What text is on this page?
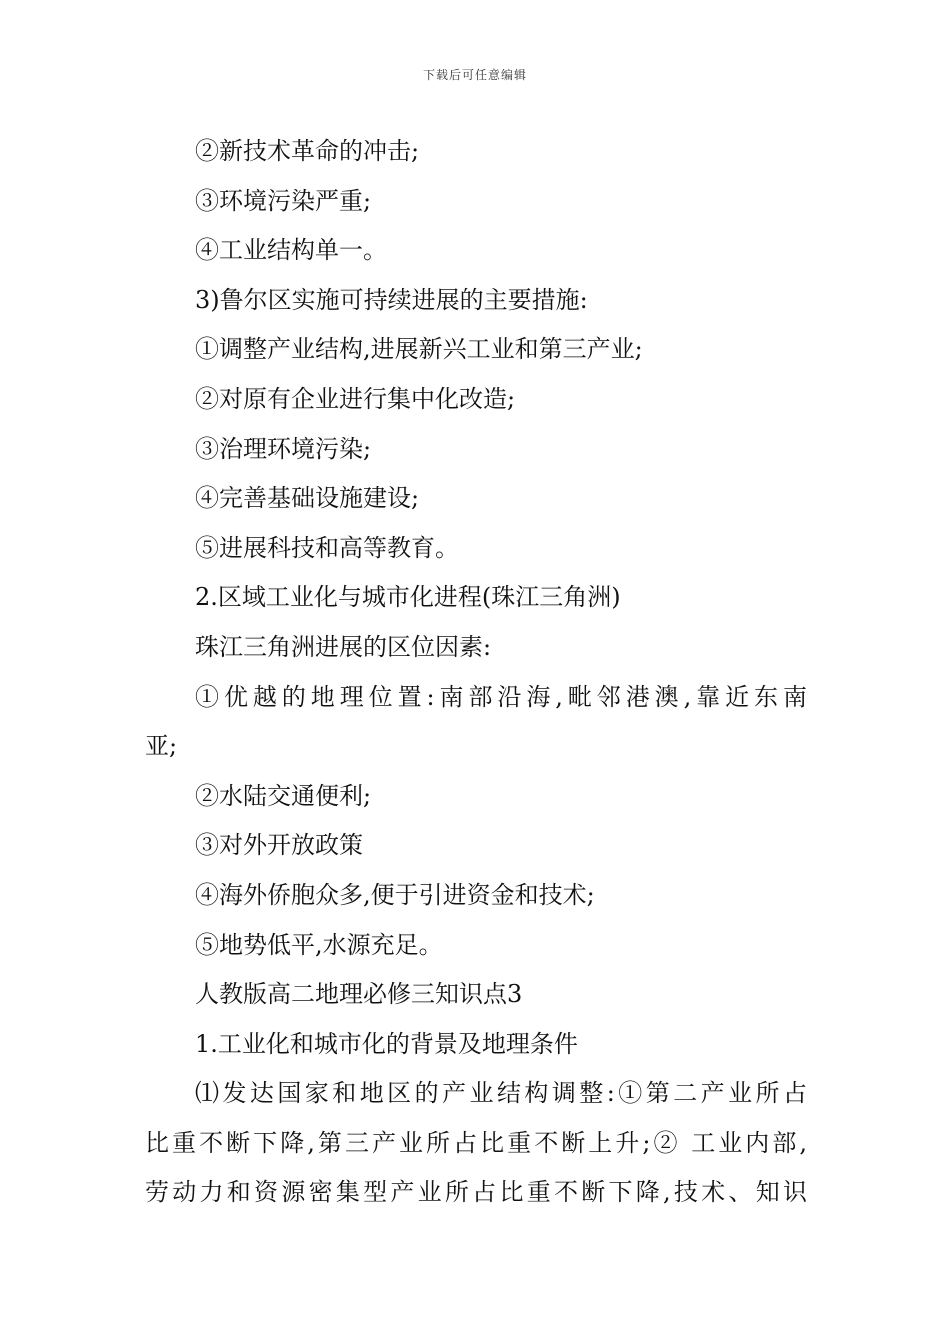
下载后可任意编辑
②新技术革命的冲击;
③环境污染严重;
④工业结构单一。
3)鲁尔区实施可持续进展的主要措施:
①调整产业结构,进展新兴工业和第三产业;
②对原有企业进行集中化改造;
③治理环境污染;
④完善基础设施建设;
⑤进展科技和高等教育。
2.区域工业化与城市化进程(珠江三角洲)
珠江三角洲进展的区位因素:
①优越的地理位置:南部沿海,毗邻港澳,靠近东南
亚;
②水陆交通便利;
③对外开放政策
④海外侨胞众多,便于引进资金和技术;
⑤地势低平,水源充足。
人教版高二地理必修三知识点3
1.工业化和城市化的背景及地理条件
⑴发达国家和地区的产业结构调整:①第二产业所占
比重不断下降,第三产业所占比重不断上升;② 工业内部,
劳动力和资源密集型产业所占比重不断下降,技术、知识
